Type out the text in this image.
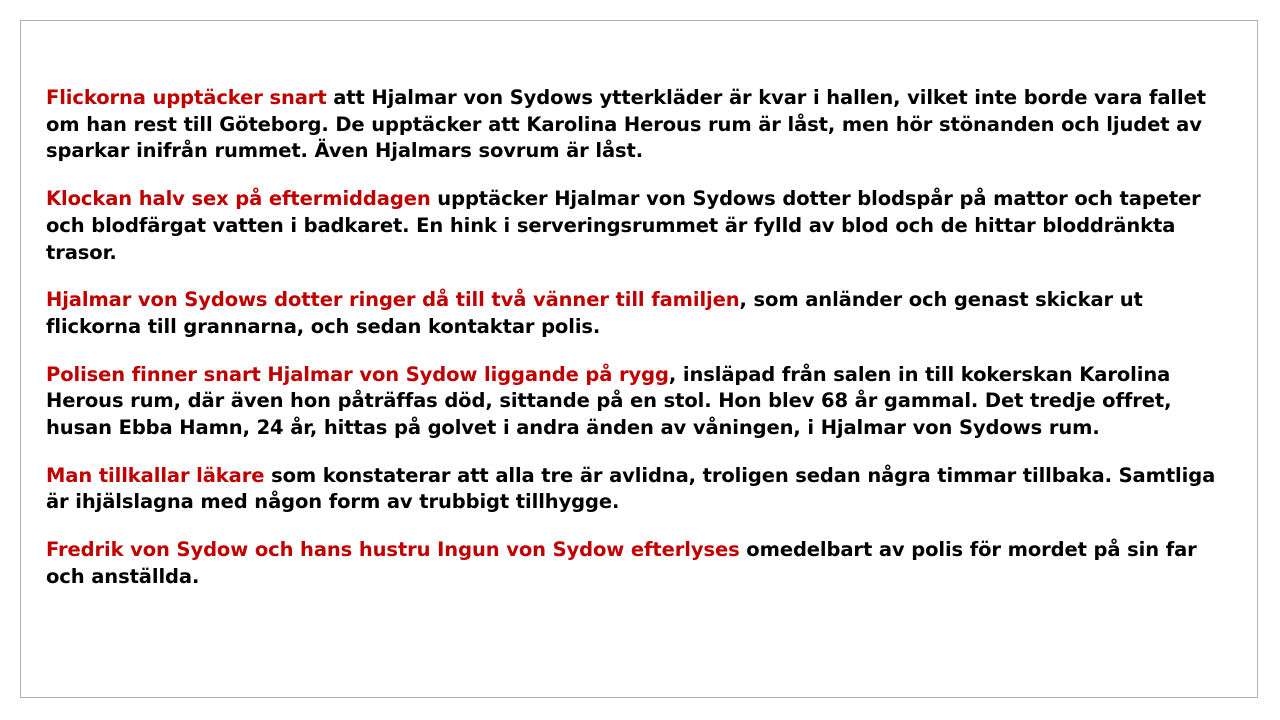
Flickorna upptäcker snart att Hjalmar von Sydows ytterkläder är kvar i hallen, vilket inte borde vara fallet om han rest till Göteborg. De upptäcker att Karolina Herous rum är låst, men hör stönanden och ljudet av sparkar inifrån rummet. Även Hjalmars sovrum är låst.

Klockan halv sex på eftermiddagen upptäcker Hjalmar von Sydows dotter blodspår på mattor och tapeter och blodfärgat vatten i badkaret. En hink i serveringsrummet är fylld av blod och de hittar bloddränkta trasor.

Hjalmar von Sydows dotter ringer då till två vänner till familjen, som anländer och genast skickar ut flickorna till grannarna, och sedan kontaktar polis.

Polisen finner snart Hjalmar von Sydow liggande på rygg, insläpad från salen in till kokerskan Karolina Herous rum, där även hon påträffas död, sittande på en stol. Hon blev 68 år gammal. Det tredje offret, husan Ebba Hamn, 24 år, hittas på golvet i andra änden av våningen, i Hjalmar von Sydows rum.

Man tillkallar läkare som konstaterar att alla tre är avlidna, troligen sedan några timmar tillbaka. Samtliga är ihjälslagna med någon form av trubbigt tillhygge.

Fredrik von Sydow och hans hustru Ingun von Sydow efterlyses omedelbart av polis för mordet på sin far och anställda.
